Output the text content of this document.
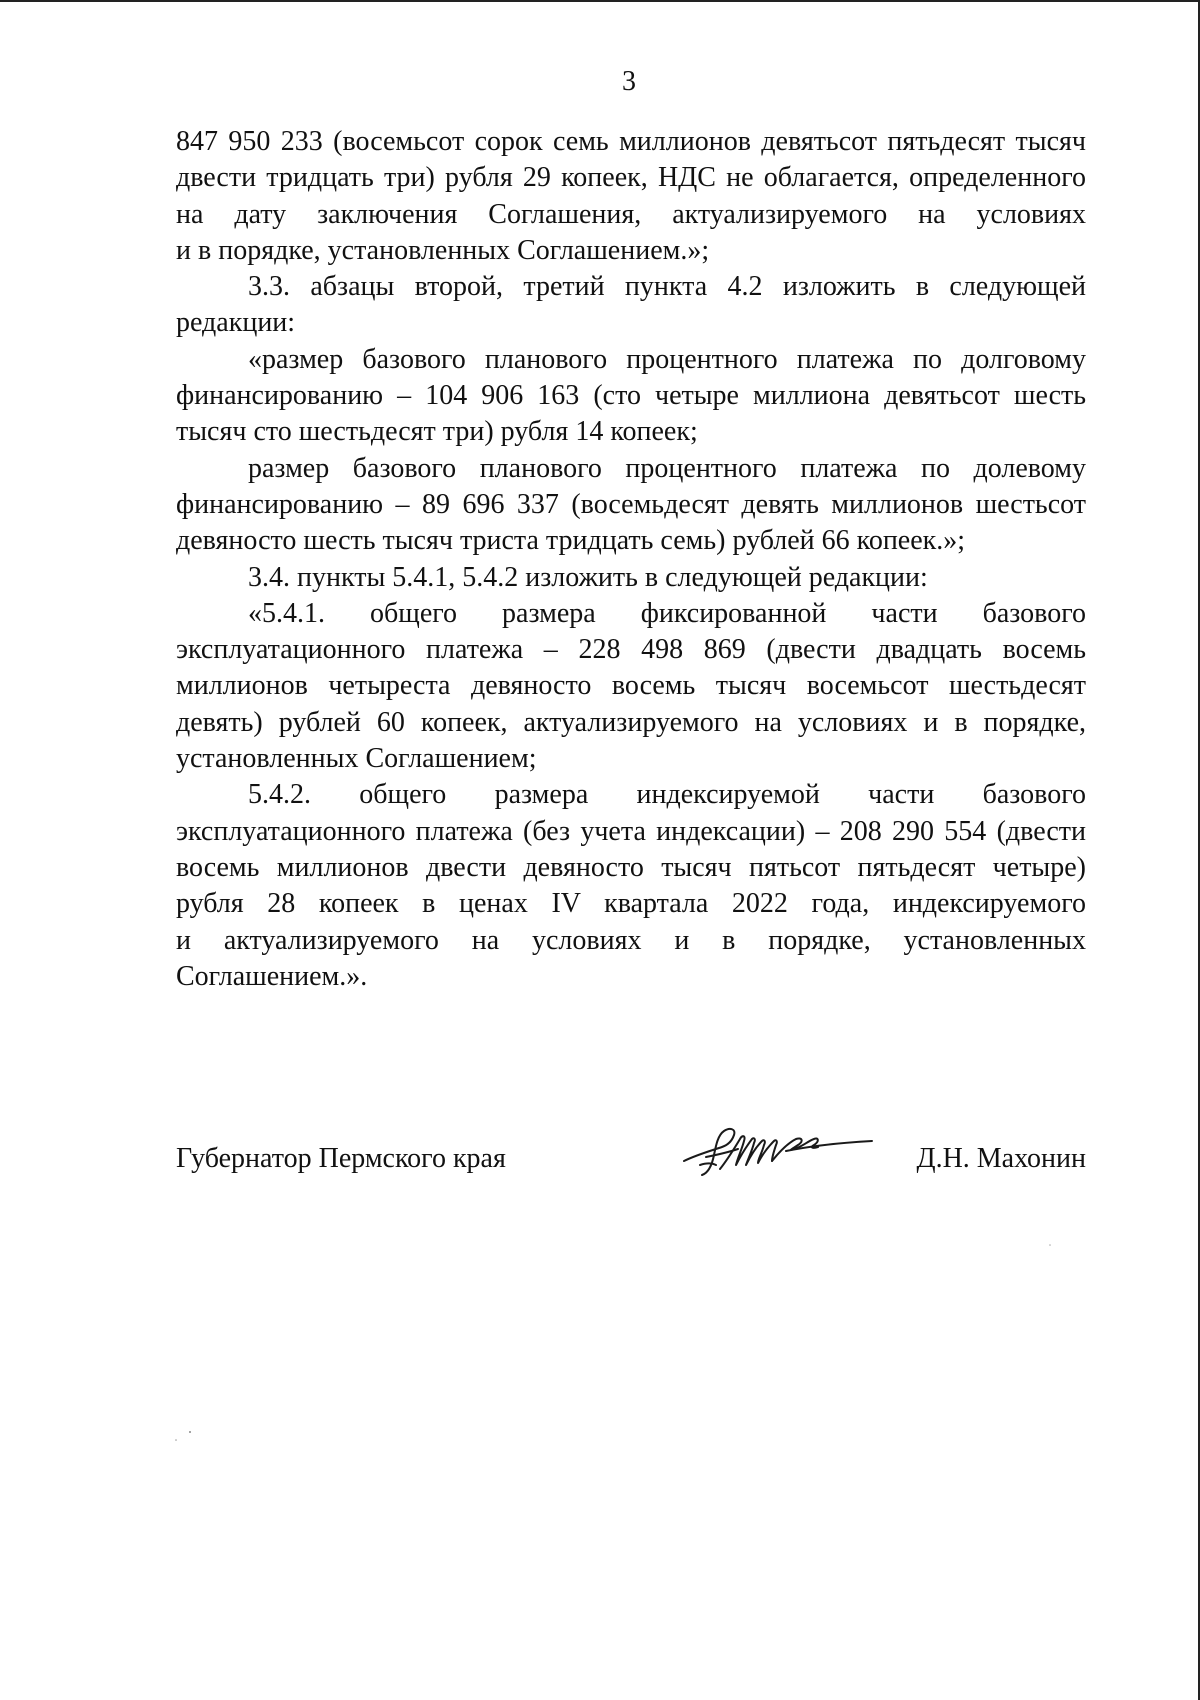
3

847 950 233 (восемьсот сорок семь миллионов девятьсот пятьдесят тысяч
двести тридцать три) рубля 29 копеек, НДС не облагается, определенного
на дату заключения Соглашения, актуализируемого на условиях
и в порядке, установленных Соглашением.»;

3.3. абзацы второй, третий пункта 4.2 изложить в следующей
редакции:

«размер базового планового процентного платежа по долговому
финансированию – 104 906 163 (сто четыре миллиона девятьсот шесть
тысяч сто шестьдесят три) рубля 14 копеек;

размер базового планового процентного платежа по долевому
финансированию – 89 696 337 (восемьдесят девять миллионов шестьсот
девяносто шесть тысяч триста тридцать семь) рублей 66 копеек.»;

3.4. пункты 5.4.1, 5.4.2 изложить в следующей редакции:

«5.4.1. общего размера фиксированной части базового
эксплуатационного платежа – 228 498 869 (двести двадцать восемь
миллионов четыреста девяносто восемь тысяч восемьсот шестьдесят
девять) рублей 60 копеек, актуализируемого на условиях и в порядке,
установленных Соглашением;

5.4.2. общего размера индексируемой части базового
эксплуатационного платежа (без учета индексации) – 208 290 554 (двести
восемь миллионов двести девяносто тысяч пятьсот пятьдесят четыре)
рубля 28 копеек в ценах IV квартала 2022 года, индексируемого
и актуализируемого на условиях и в порядке, установленных
Соглашением.».

Губернатор Пермского края	Д.Н. Махонин
